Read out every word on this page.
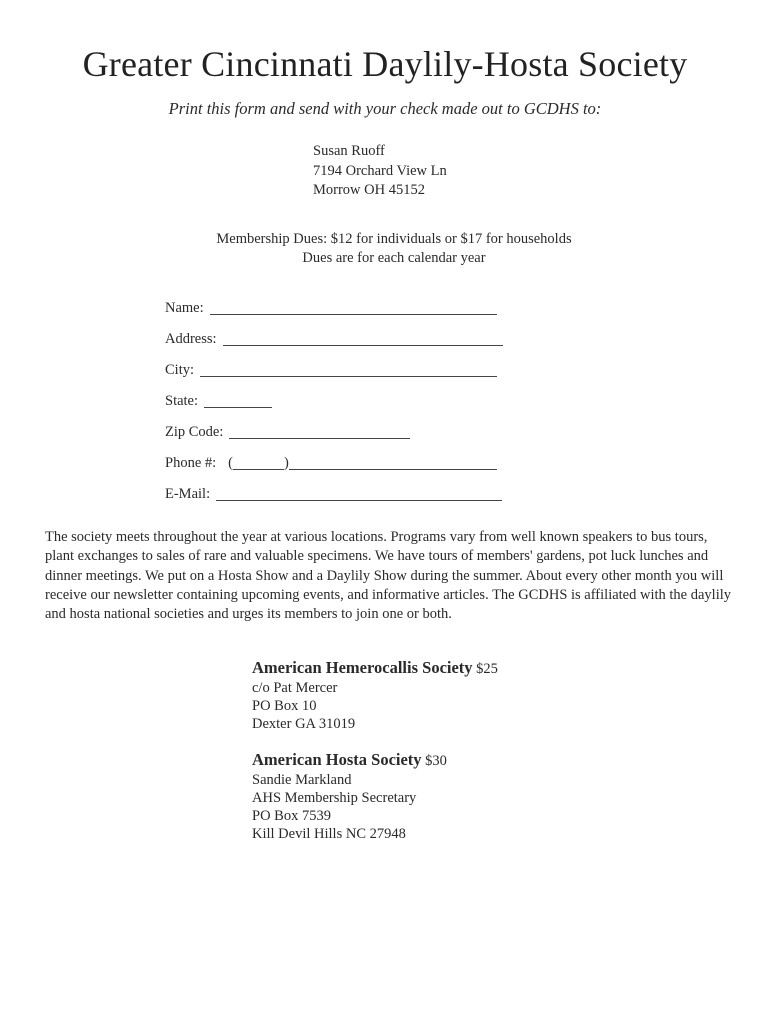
Greater Cincinnati Daylily-Hosta Society
Print this form and send with your check made out to GCDHS to:
Susan Ruoff
7194 Orchard View Ln
Morrow OH 45152
Membership Dues: $12 for individuals or $17 for households
Dues are for each calendar year
Name:
Address:
City:
State:
Zip Code:
Phone #: (	)
E-Mail:
The society meets throughout the year at various locations. Programs vary from well known speakers to bus tours, plant exchanges to sales of rare and valuable specimens. We have tours of members' gardens, pot luck lunches and dinner meetings. We put on a Hosta Show and a Daylily Show during the summer. About every other month you will receive our newsletter containing upcoming events, and informative articles. The GCDHS is affiliated with the daylily and hosta national societies and urges its members to join one or both.
American Hemerocallis Society $25
c/o Pat Mercer
PO Box 10
Dexter GA 31019
American Hosta Society $30
Sandie Markland
AHS Membership Secretary
PO Box 7539
Kill Devil Hills NC 27948
